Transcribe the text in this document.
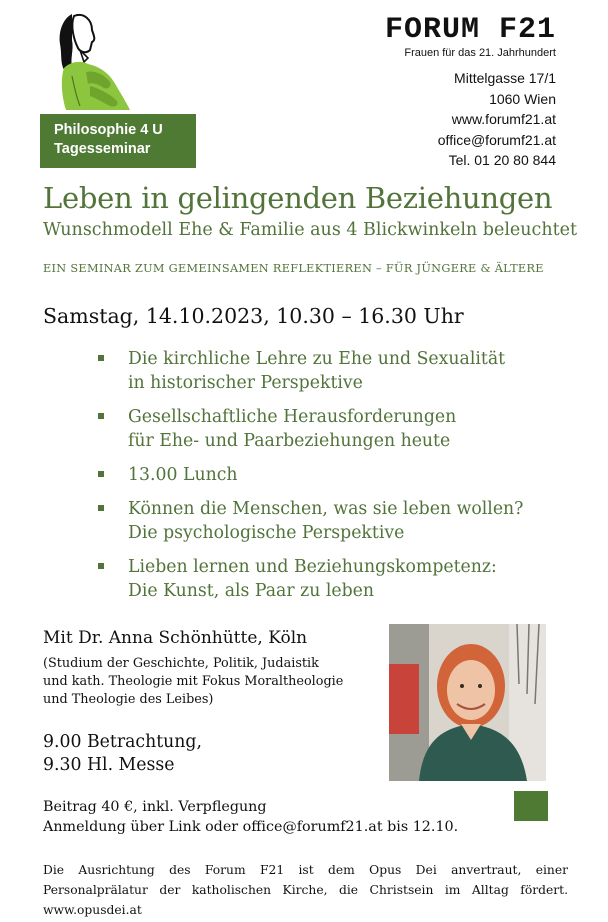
Philosophie 4 U
Tagesseminar
FORUM F21
Frauen für das 21. Jahrhundert
Mittelgasse 17/1
1060 Wien
www.forumf21.at
office@forumf21.at
Tel. 01 20 80 844
Leben in gelingenden Beziehungen
Wunschmodell Ehe & Familie aus 4 Blickwinkeln beleuchtet
EIN SEMINAR ZUM GEMEINSAMEN REFLEKTIEREN – FÜR JÜNGERE & ÄLTERE
Samstag, 14.10.2023, 10.30 – 16.30 Uhr
Die kirchliche Lehre zu Ehe und Sexualität
in historischer Perspektive
Gesellschaftliche Herausforderungen
für Ehe- und Paarbeziehungen heute
13.00 Lunch
Können die Menschen, was sie leben wollen?
Die psychologische Perspektive
Lieben lernen und Beziehungskompetenz:
Die Kunst, als Paar zu leben
Mit Dr. Anna Schönhütte, Köln
(Studium der Geschichte, Politik, Judaistik
und kath. Theologie mit Fokus Moraltheologie
und Theologie des Leibes)
9.00 Betrachtung,
9.30 Hl. Messe
Beitrag 40 €, inkl. Verpflegung
Anmeldung über Link oder office@forumf21.at bis 12.10.
Die Ausrichtung des Forum F21 ist dem Opus Dei anvertraut, einer Personalprälatur der katholischen Kirche, die Christsein im Alltag fördert. www.opusdei.at
